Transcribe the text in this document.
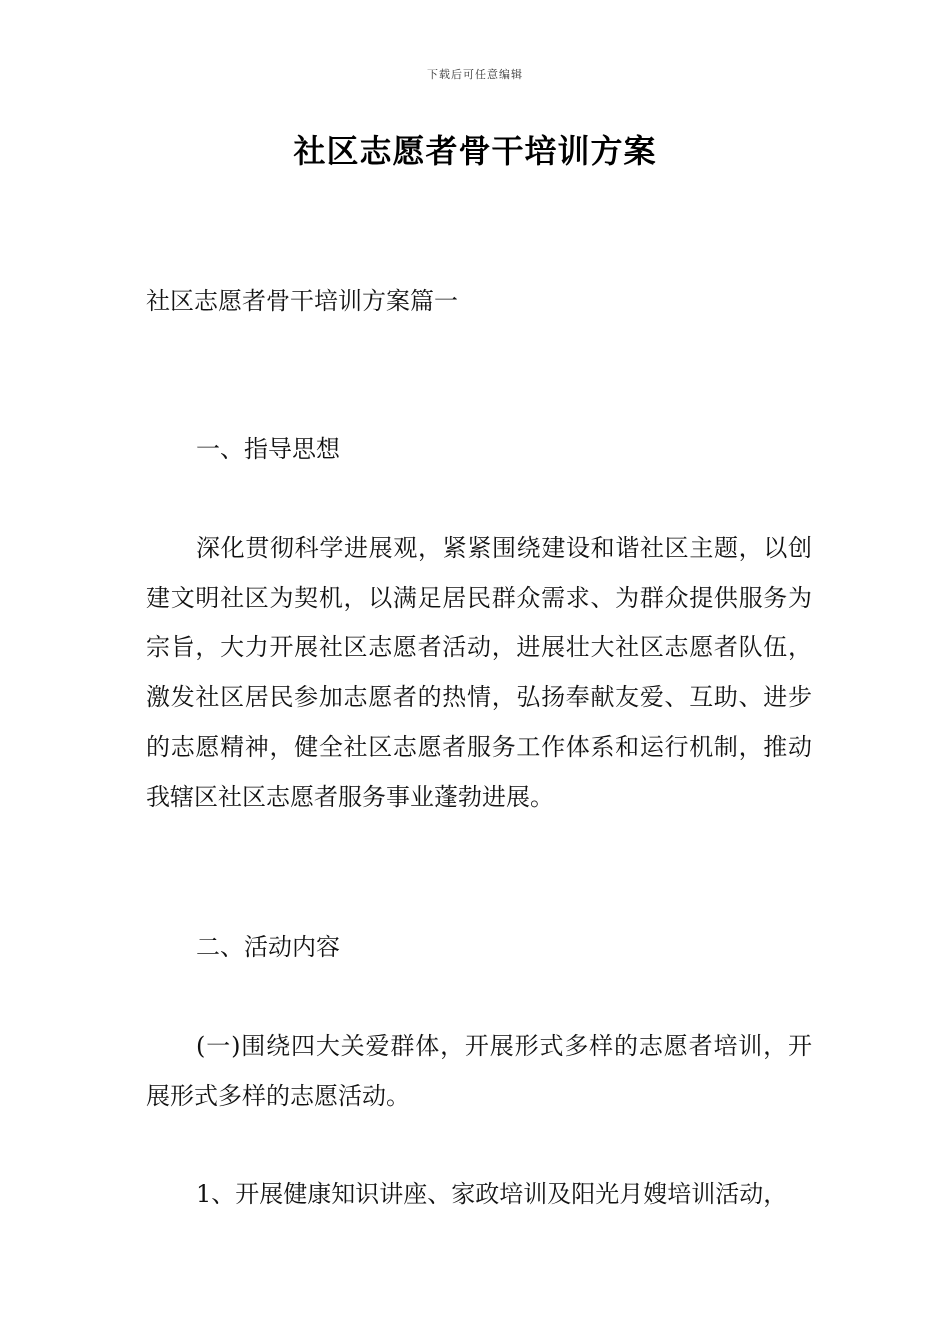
下载后可任意编辑
社区志愿者骨干培训方案
社区志愿者骨干培训方案篇一
一、指导思想
深化贯彻科学进展观，紧紧围绕建设和谐社区主题，以创建文明社区为契机，以满足居民群众需求、为群众提供服务为宗旨，大力开展社区志愿者活动，进展壮大社区志愿者队伍，激发社区居民参加志愿者的热情，弘扬奉献友爱、互助、进步的志愿精神，健全社区志愿者服务工作体系和运行机制，推动我辖区社区志愿者服务事业蓬勃进展。
二、活动内容
(一)围绕四大关爱群体，开展形式多样的志愿者培训，开展形式多样的志愿活动。
1、开展健康知识讲座、家政培训及阳光月嫂培训活动，
